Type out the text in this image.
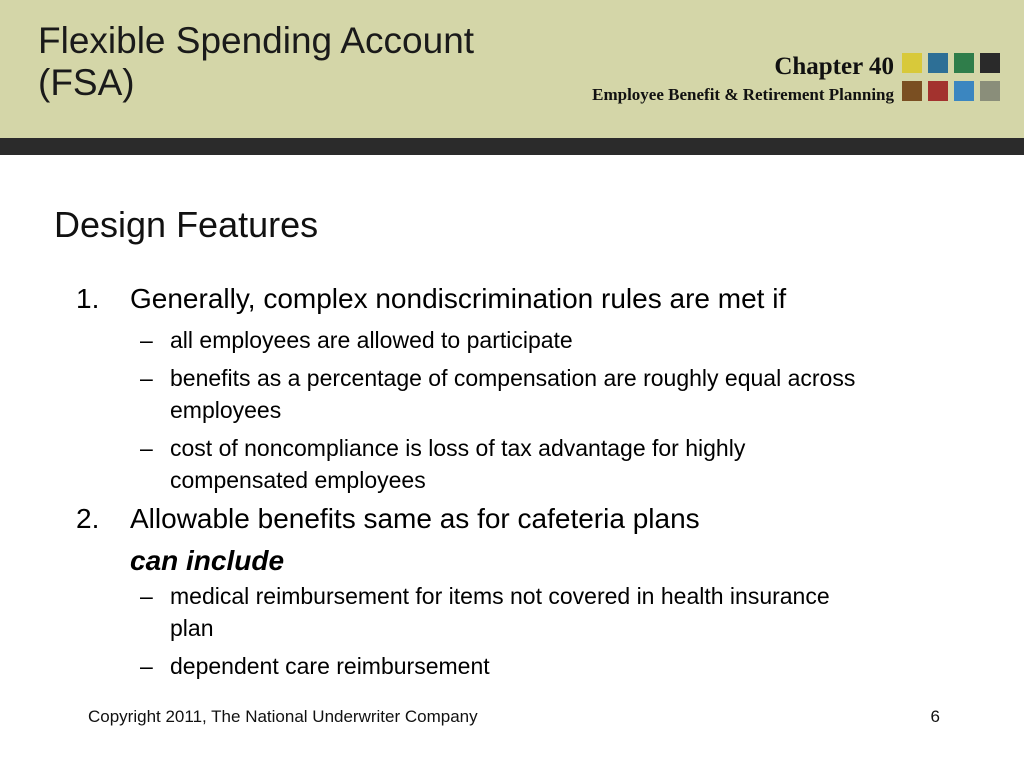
Flexible Spending Account
(FSA)	Chapter 40
Employee Benefit & Retirement Planning
Design Features
1.	Generally, complex nondiscrimination rules are met if
– all employees are allowed to participate
– benefits as a percentage of compensation are roughly equal across employees
– cost of noncompliance is loss of tax advantage for highly compensated employees
2.	Allowable benefits same as for cafeteria plans
can include
– medical reimbursement for items not covered in health insurance plan
– dependent care reimbursement
Copyright 2011, The National Underwriter Company	6
